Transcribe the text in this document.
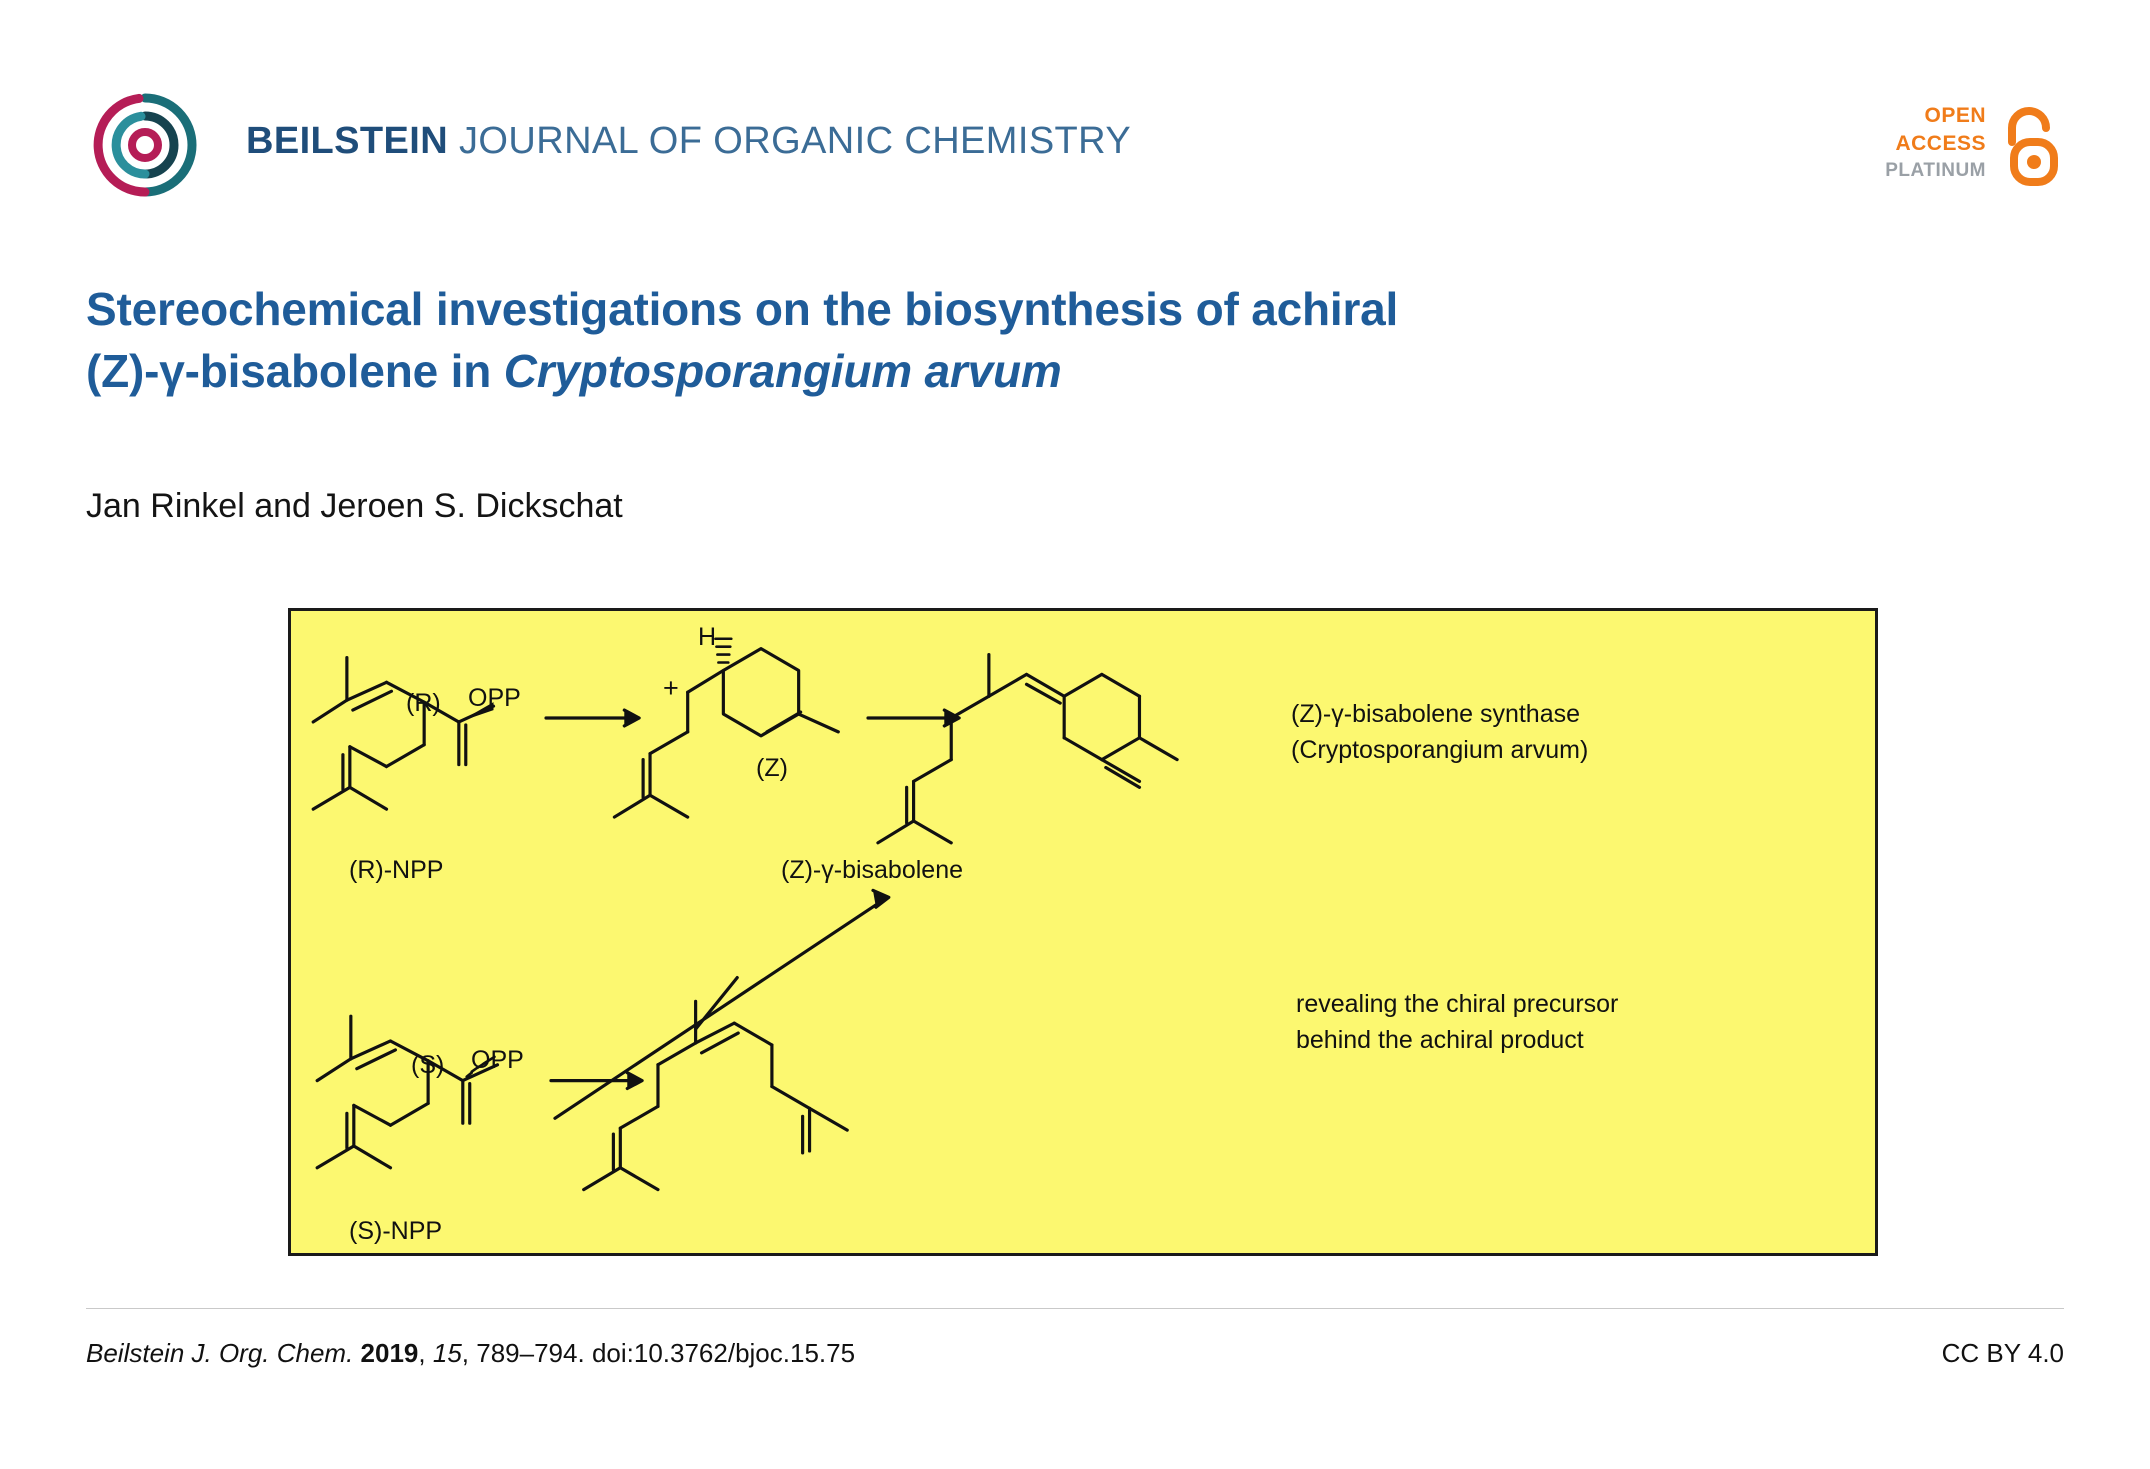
BEILSTEIN JOURNAL OF ORGANIC CHEMISTRY
OPEN
ACCESS
PLATINUM
Stereochemical investigations on the biosynthesis of achiral
(Z)-γ-bisabolene in Cryptosporangium arvum
Jan Rinkel and Jeroen S. Dickschat
(R)-NPP
(S)-NPP
(Z)-γ-bisabolene
(Z)
H
+
(R)
(S)
OPP
OPP
(Z)-γ-bisabolene synthase
(Cryptosporangium arvum)
revealing the chiral precursor
behind the achiral product
Beilstein J. Org. Chem. 2019, 15, 789–794. doi:10.3762/bjoc.15.75	CC BY 4.0
